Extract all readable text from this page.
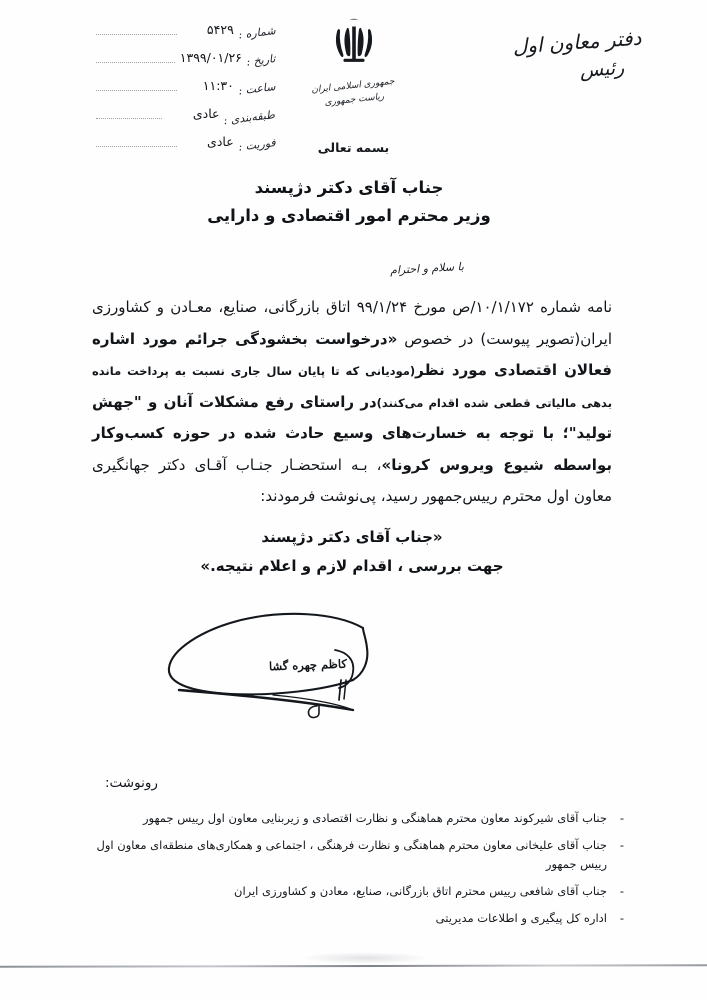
دفتر معاون اول
رئیس
جمهوری اسلامی ایران
ریاست جمهوری
بسمه تعالی
شماره :
۵۴۲۹
تاریخ :
۱۳۹۹/۰۱/۲۶
ساعت :
۱۱:۳۰
طبقه‌بندی :
عادی
فوریت :
عادی
جناب آقای دکتر دژپسند
وزیر محترم امور اقتصادی و دارایی
با سلام و احترام
نامه شماره ۱۰/۱/۱۷۲/ص مورخ ۹۹/۱/۲۴ اتاق بازرگانی، صنایع، معـادن و کشاورزی ایران(تصویر پیوست) در خصوص «درخواست بخشودگی جرائم مورد اشاره فعالان اقتصادی مورد نظر(مودیانی که تا پایان سال جاری نسبت به پرداخت مانده بدهی مالیاتی قطعی شده اقدام می‌کنند)در راستای رفع مشکلات آنان و "جهش تولید"؛ با توجه به خسارت‌های وسیع حادث شده در حوزه کسب‌وکار بواسطه شیوع ویروس کرونا»، بـه استحضـار جنـاب آقـای دکتر جهانگیری معاون اول محترم رییس‌جمهور رسید، پی‌نوشت فرمودند:
«جناب آقای دکتر دژپسند
جهت بررسی ، اقدام لازم و اعلام نتیجه.»
کاظم چهره گشا
رونوشت:
-
جناب آقای شیرکوند معاون محترم هماهنگی و نظارت اقتصادی و زیربنایی معاون اول ریيس جمهور
-
جناب آقای علیخانی معاون محترم هماهنگی و نظارت فرهنگی ، اجتماعی و همکاری‌های منطقه‌ای معاون اول ریيس جمهور
-
جناب آقای شافعی ریيس محترم اتاق بازرگانی، صنایع، معادن و کشاورزی ایران
-
اداره کل پیگیری و اطلاعات مدیریتی
